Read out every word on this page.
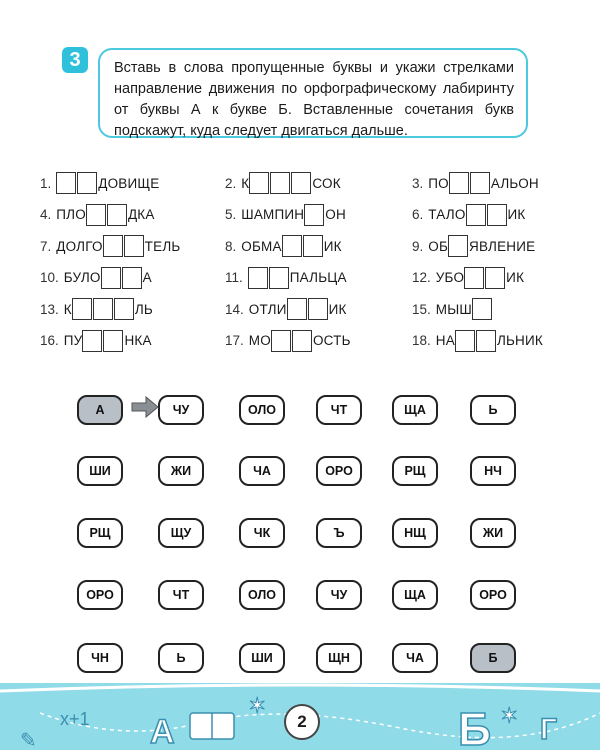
3	Вставь в слова пропущенные буквы и укажи стрелками направление движения по орфографическому лабиринту от буквы А к букве Б. Вставленные сочетания букв подскажут, куда следует двигаться дальше.

1.	ДОВИЩЕ	2. К	СОК	3. ПО	АЛЬОН
4. ПЛО	ДКА	5. ШАМПИН ОН	6. ТАЛО	ИК
7. ДОЛГО	ТЕЛЬ	8. ОБМА	ИК	9. ОБ ЯВЛЕНИЕ
10. БУЛО	А	11.	ПАЛЬЦА	12. УБО	ИК
13. К	ЛЬ	14. ОТЛИ	ИК	15. МЫШ
16. ПУ	НКА	17. МО	ОСТЬ	18. НА	ЛЬНИК
А	ЧУ	ОЛО	ЧТ	ЩА	Ь
ШИ	ЖИ	ЧА	ОРО	РЩ	НЧ
РЩ	ЩУ	ЧК	Ъ	НЩ	ЖИ
ОРО	ЧТ	ОЛО	ЧУ	ЩА	ОРО
ЧН	Ь	ШИ	ЩН	ЧА	Б
х+1 А
✶	Б ✶ Г
✎
2
